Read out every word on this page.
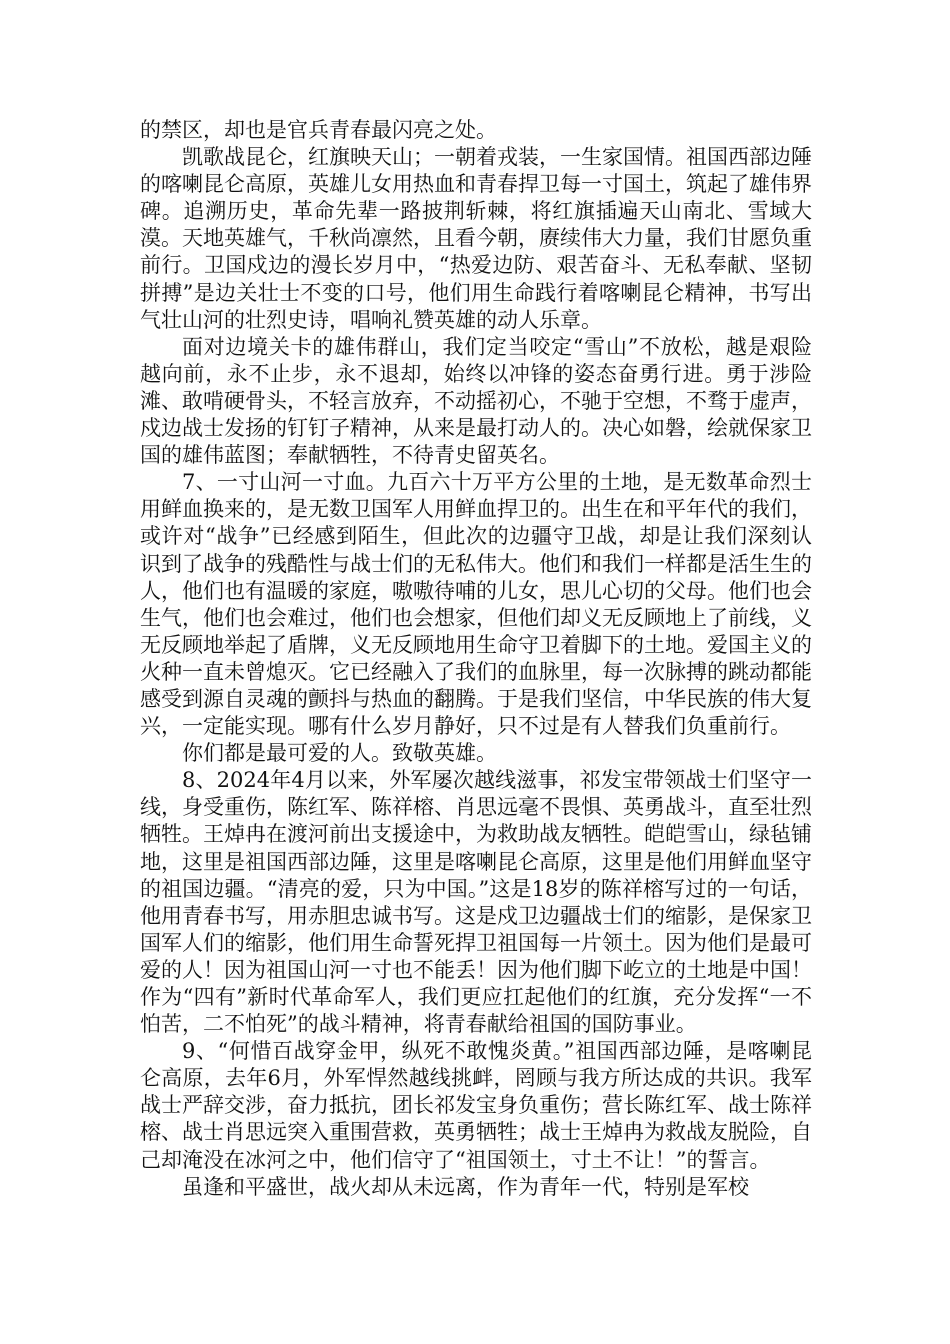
的禁区，却也是官兵青春最闪亮之处。

凯歌战昆仑，红旗映天山；一朝着戎装，一生家国情。祖国西部边陲的喀喇昆仑高原，英雄儿女用热血和青春捍卫每一寸国土，筑起了雄伟界碑。追溯历史，革命先辈一路披荆斩棘，将红旗插遍天山南北、雪域大漠。天地英雄气，千秋尚凛然，且看今朝，赓续伟大力量，我们甘愿负重前行。卫国戍边的漫长岁月中，“热爱边防、艰苦奋斗、无私奉献、坚韧拼搏”是边关壮士不变的口号，他们用生命践行着喀喇昆仑精神，书写出气壮山河的壮烈史诗，唱响礼赞英雄的动人乐章。

面对边境关卡的雄伟群山，我们定当咬定“雪山”不放松，越是艰险越向前，永不止步，永不退却，始终以冲锋的姿态奋勇行进。勇于涉险滩、敢啃硬骨头，不轻言放弃，不动摇初心，不驰于空想，不骛于虚声，戍边战士发扬的钉钉子精神，从来是最打动人的。决心如磐，绘就保家卫国的雄伟蓝图；奉献牺牲，不待青史留英名。

7、一寸山河一寸血。九百六十万平方公里的土地，是无数革命烈士用鲜血换来的，是无数卫国军人用鲜血捍卫的。出生在和平年代的我们，或许对“战争”已经感到陌生，但此次的边疆守卫战，却是让我们深刻认识到了战争的残酷性与战士们的无私伟大。他们和我们一样都是活生生的人，他们也有温暖的家庭，嗷嗷待哺的儿女，思儿心切的父母。他们也会生气，他们也会难过，他们也会想家，但他们却义无反顾地上了前线，义无反顾地举起了盾牌，义无反顾地用生命守卫着脚下的土地。爱国主义的火种一直未曾熄灭。它已经融入了我们的血脉里，每一次脉搏的跳动都能感受到源自灵魂的颤抖与热血的翻腾。于是我们坚信，中华民族的伟大复兴，一定能实现。哪有什么岁月静好，只不过是有人替我们负重前行。

你们都是最可爱的人。致敬英雄。

8、2024年4月以来，外军屡次越线滋事，祁发宝带领战士们坚守一线，身受重伤，陈红军、陈祥榕、肖思远毫不畏惧、英勇战斗，直至壮烈牺牲。王焯冉在渡河前出支援途中，为救助战友牺牲。皑皑雪山，绿毡铺地，这里是祖国西部边陲，这里是喀喇昆仑高原，这里是他们用鲜血坚守的祖国边疆。“清亮的爱，只为中国。”这是18岁的陈祥榕写过的一句话，他用青春书写，用赤胆忠诚书写。这是戍卫边疆战士们的缩影，是保家卫国军人们的缩影，他们用生命誓死捍卫祖国每一片领土。因为他们是最可爱的人！因为祖国山河一寸也不能丢！因为他们脚下屹立的土地是中国！作为“四有”新时代革命军人，我们更应扛起他们的红旗，充分发挥“一不怕苦，二不怕死”的战斗精神，将青春献给祖国的国防事业。

9、“何惜百战穿金甲，纵死不敢愧炎黄。”祖国西部边陲，是喀喇昆仑高原，去年6月，外军悍然越线挑衅，罔顾与我方所达成的共识。我军战士严辞交涉，奋力抵抗，团长祁发宝身负重伤；营长陈红军、战士陈祥榕、战士肖思远突入重围营救，英勇牺牲；战士王焯冉为救战友脱险，自己却淹没在冰河之中，他们信守了“祖国领土，寸土不让！”的誓言。

虽逢和平盛世，战火却从未远离，作为青年一代，特别是军校
